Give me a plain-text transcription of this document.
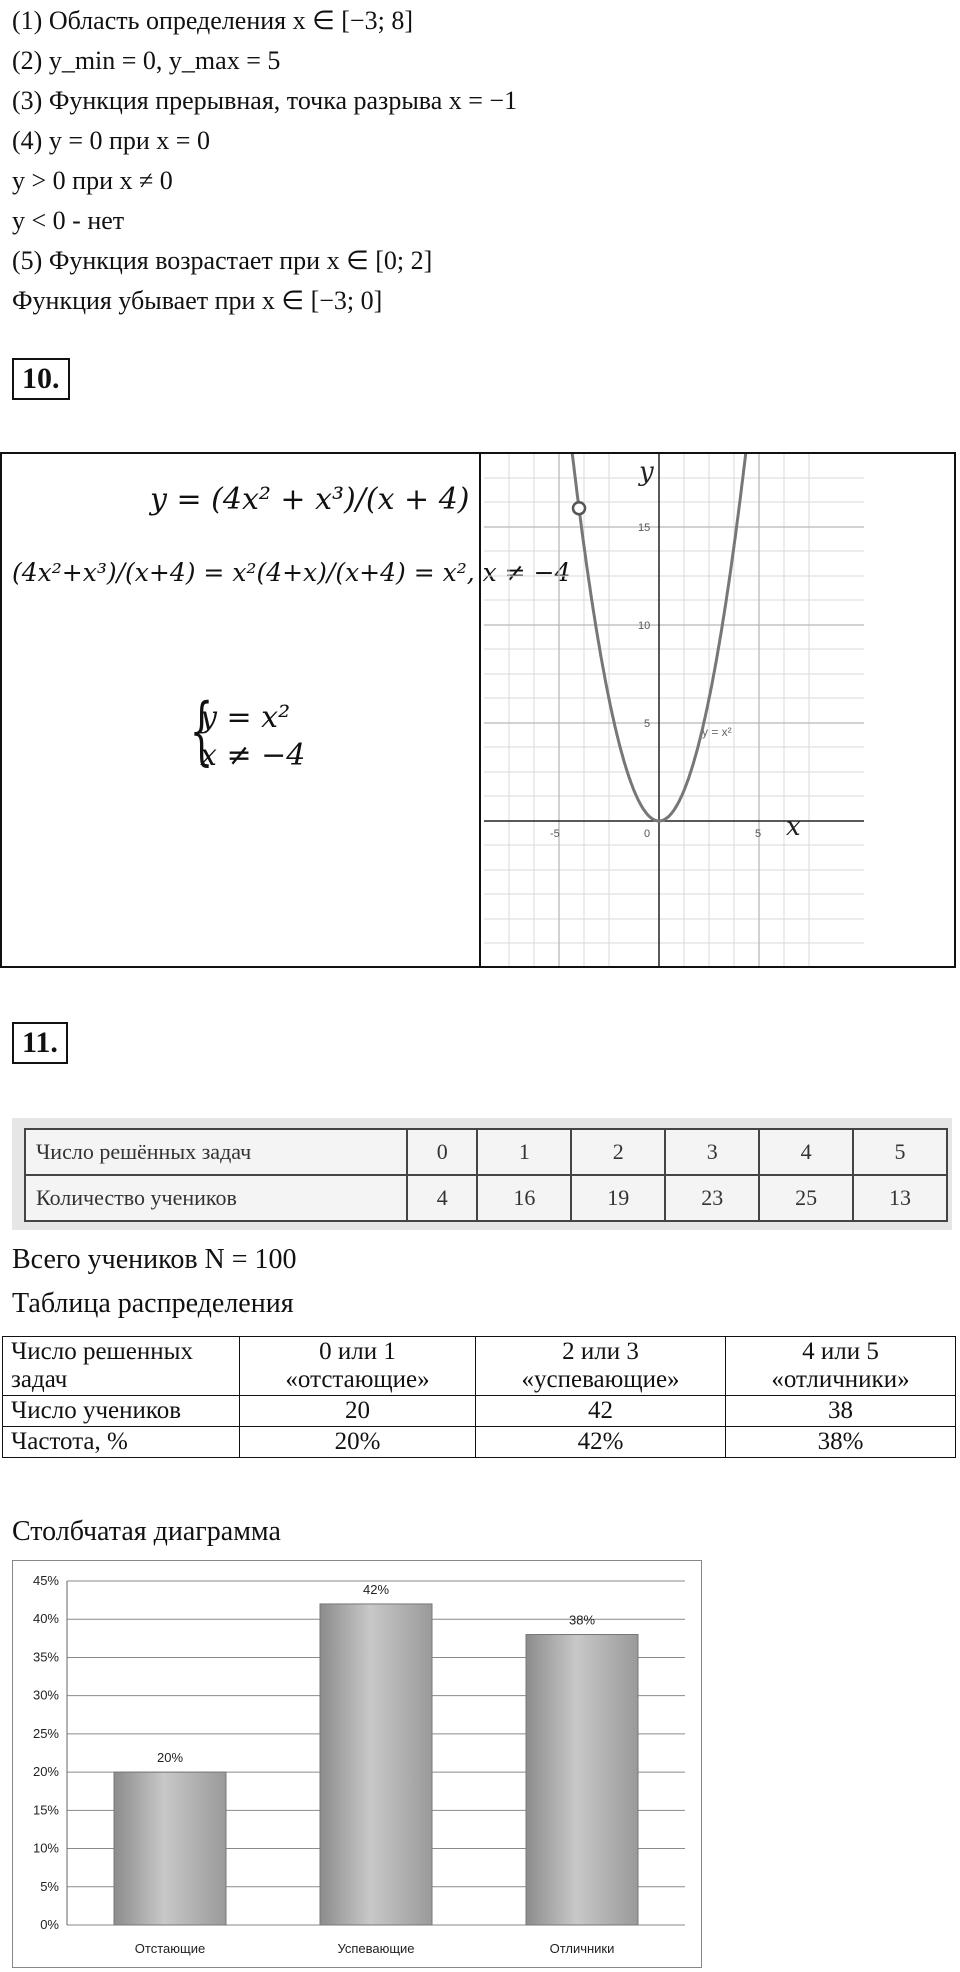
(1) Область определения x ∈ [−3; 8]
(2) y_min = 0, y_max = 5
(3) Функция прерывная, точка разрыва x = −1
(4) y = 0 при x = 0
y > 0 при x ≠ 0
y < 0 - нет
(5) Функция возрастает при x ∈ [0; 2]
Функция убывает при x ∈ [−3; 0]
10.
y = (4x² + x³)/(x + 4)
(4x²+x³)/(x+4) = x²(4+x)/(x+4) = x², x ≠ −4
{
y = x²
x ≠ −4
-5	0	5
5
10
15
y
x
y = x²
11.
Число решённых задач	0	1	2	3	4	5
Количество учеников	4	16	19	23	25	13
Всего учеников N = 100
Таблица распределения
Число решенных задач	0 или 1 «отстающие»	2 или 3 «успевающие»	4 или 5 «отличники»
Число учеников	20	42	38
Частота, %	20%	42%	38%
Столбчатая диаграмма
0%
5%
10%
15%
20%
25%
30%
35%
40%
45%
20%
Отстающие
42%
Успевающие
38%
Отличники
